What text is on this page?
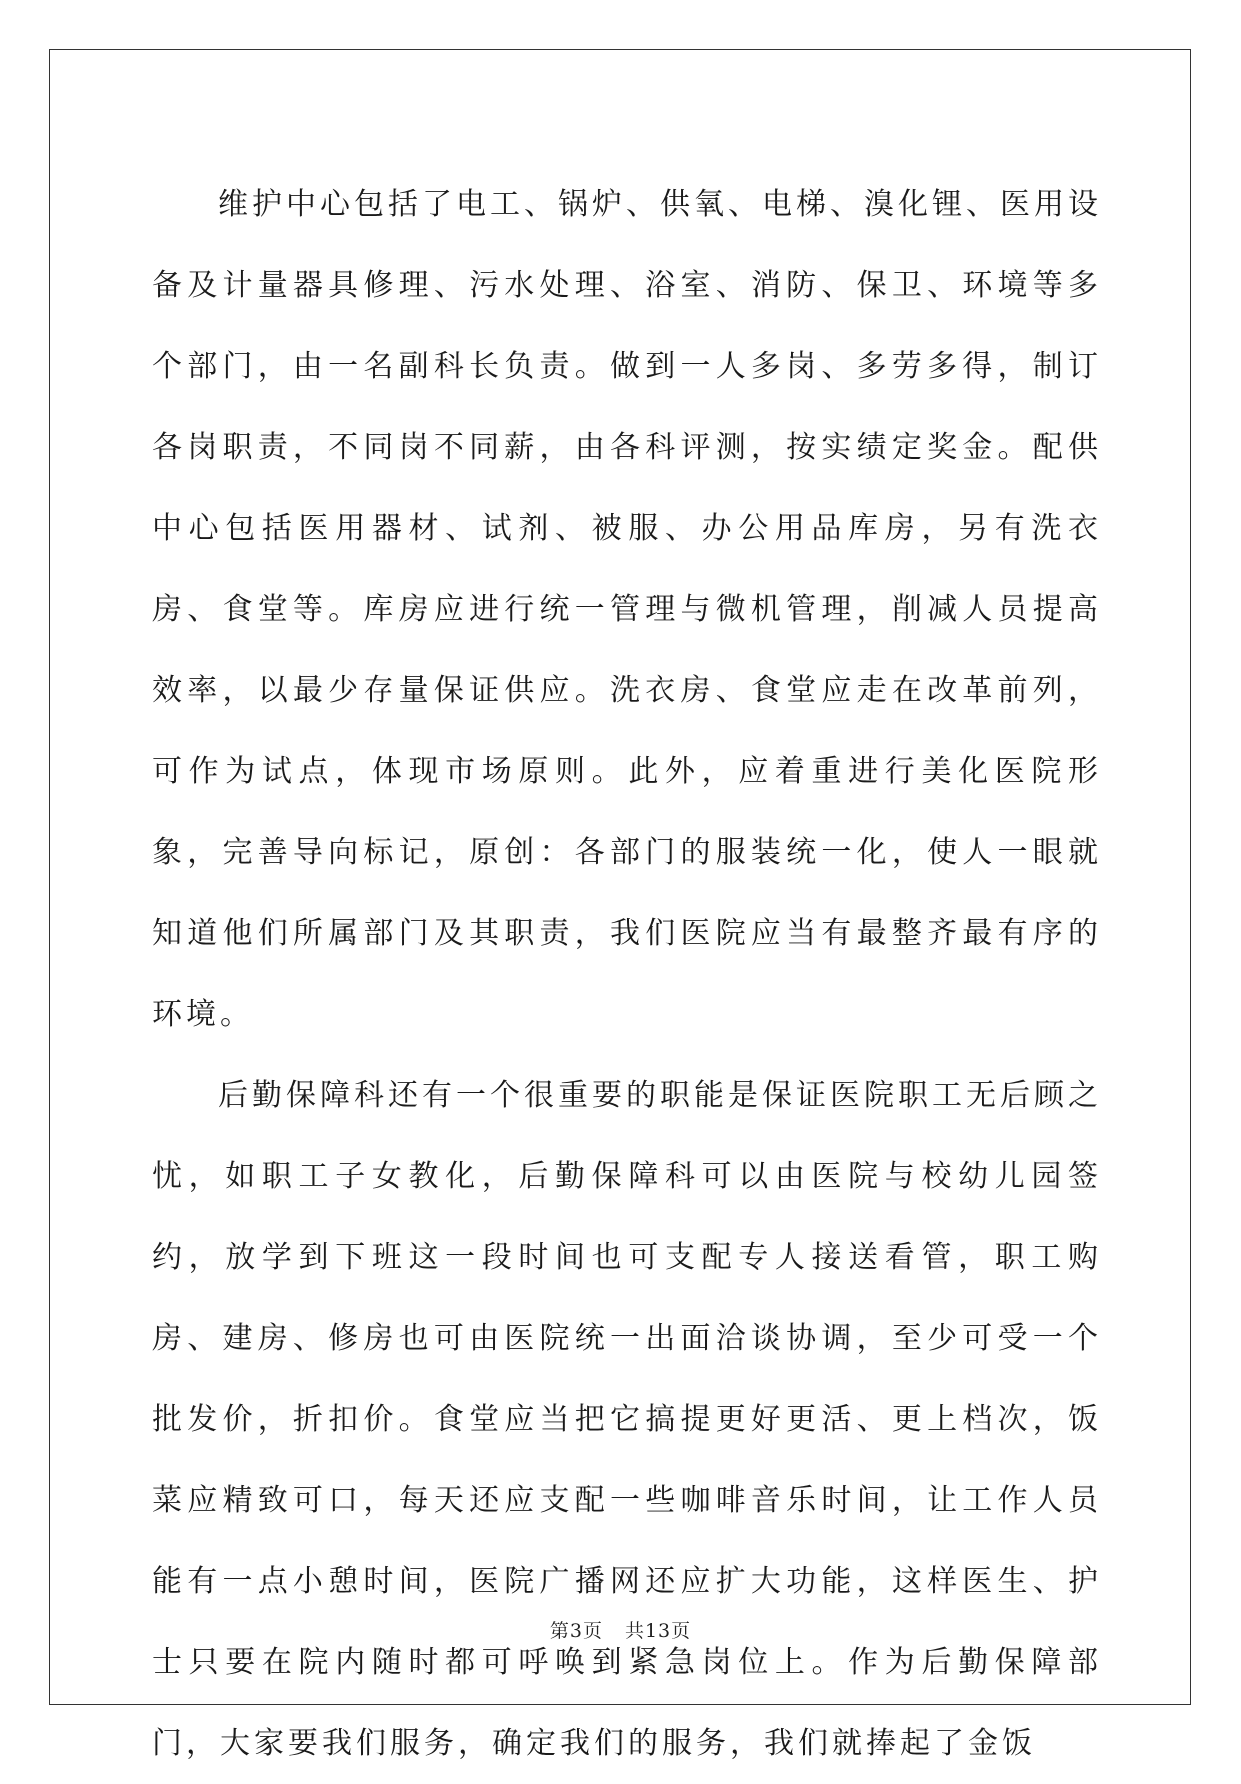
维护中心包括了电工、锅炉、供氧、电梯、溴化锂、医用设备及计量器具修理、污水处理、浴室、消防、保卫、环境等多个部门，由一名副科长负责。做到一人多岗、多劳多得，制订各岗职责，不同岗不同薪，由各科评测，按实绩定奖金。配供中心包括医用器材、试剂、被服、办公用品库房，另有洗衣房、食堂等。库房应进行统一管理与微机管理，削减人员提高效率，以最少存量保证供应。洗衣房、食堂应走在改革前列，可作为试点，体现市场原则。此外，应着重进行美化医院形象，完善导向标记，原创：各部门的服装统一化，使人一眼就知道他们所属部门及其职责，我们医院应当有最整齐最有序的环境。

后勤保障科还有一个很重要的职能是保证医院职工无后顾之忧，如职工子女教化，后勤保障科可以由医院与校幼儿园签约，放学到下班这一段时间也可支配专人接送看管，职工购房、建房、修房也可由医院统一出面洽谈协调，至少可受一个批发价，折扣价。食堂应当把它搞提更好更活、更上档次，饭菜应精致可口，每天还应支配一些咖啡音乐时间，让工作人员能有一点小憩时间，医院广播网还应扩大功能，这样医生、护士只要在院内随时都可呼唤到紧急岗位上。作为后勤保障部门，大家要我们服务，确定我们的服务，我们就捧起了金饭

第3页 共13页
